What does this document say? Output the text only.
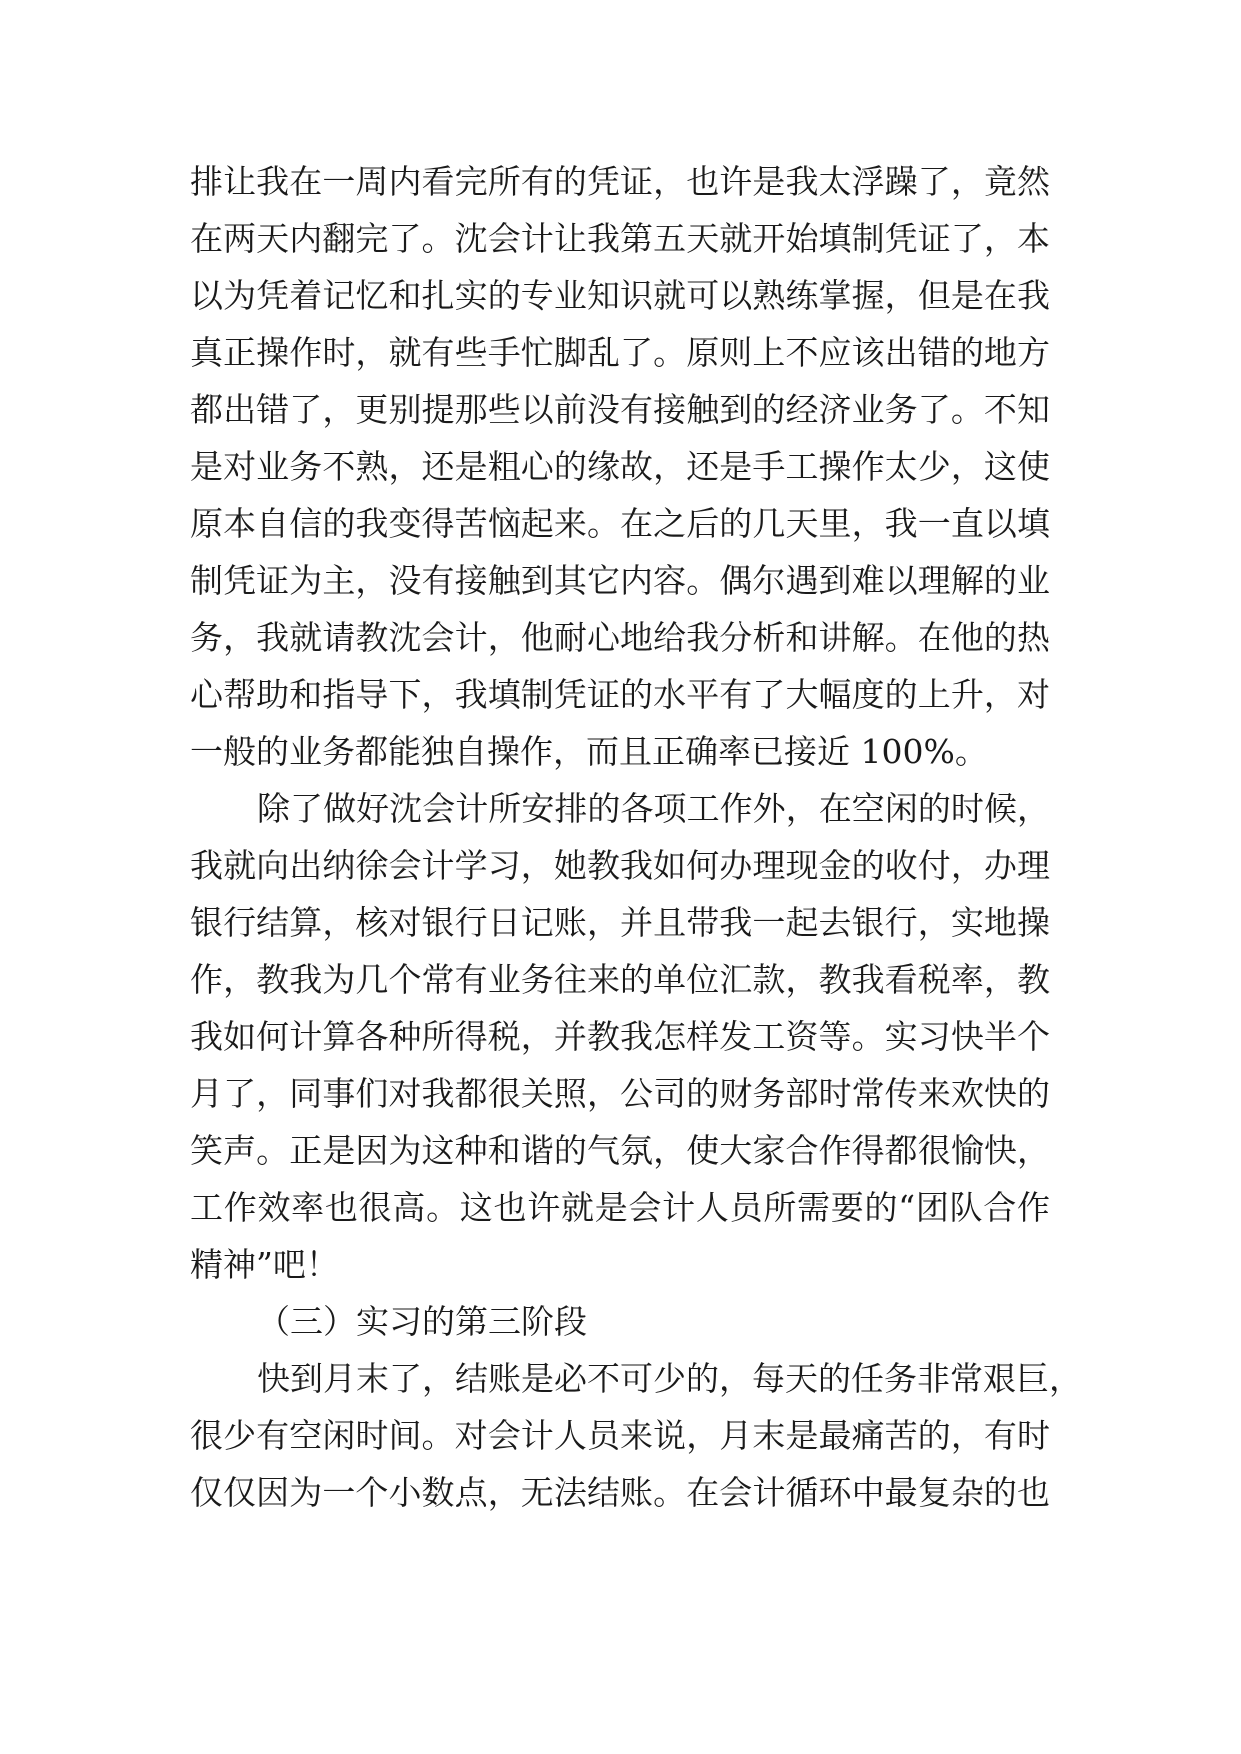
排让我在一周内看完所有的凭证，也许是我太浮躁了，竟然
在两天内翻完了。沈会计让我第五天就开始填制凭证了，本
以为凭着记忆和扎实的专业知识就可以熟练掌握，但是在我
真正操作时，就有些手忙脚乱了。原则上不应该出错的地方
都出错了，更别提那些以前没有接触到的经济业务了。不知
是对业务不熟，还是粗心的缘故，还是手工操作太少，这使
原本自信的我变得苦恼起来。在之后的几天里，我一直以填
制凭证为主，没有接触到其它内容。偶尔遇到难以理解的业
务，我就请教沈会计，他耐心地给我分析和讲解。在他的热
心帮助和指导下，我填制凭证的水平有了大幅度的上升，对
一般的业务都能独自操作，而且正确率已接近 100%。
除了做好沈会计所安排的各项工作外，在空闲的时候，
我就向出纳徐会计学习，她教我如何办理现金的收付，办理
银行结算，核对银行日记账，并且带我一起去银行，实地操
作，教我为几个常有业务往来的单位汇款，教我看税率，教
我如何计算各种所得税，并教我怎样发工资等。实习快半个
月了，同事们对我都很关照，公司的财务部时常传来欢快的
笑声。正是因为这种和谐的气氛，使大家合作得都很愉快，
工作效率也很高。这也许就是会计人员所需要的“团队合作
精神”吧！
（三）实习的第三阶段
快到月末了，结账是必不可少的，每天的任务非常艰巨，
很少有空闲时间。对会计人员来说，月末是最痛苦的，有时
仅仅因为一个小数点，无法结账。在会计循环中最复杂的也
